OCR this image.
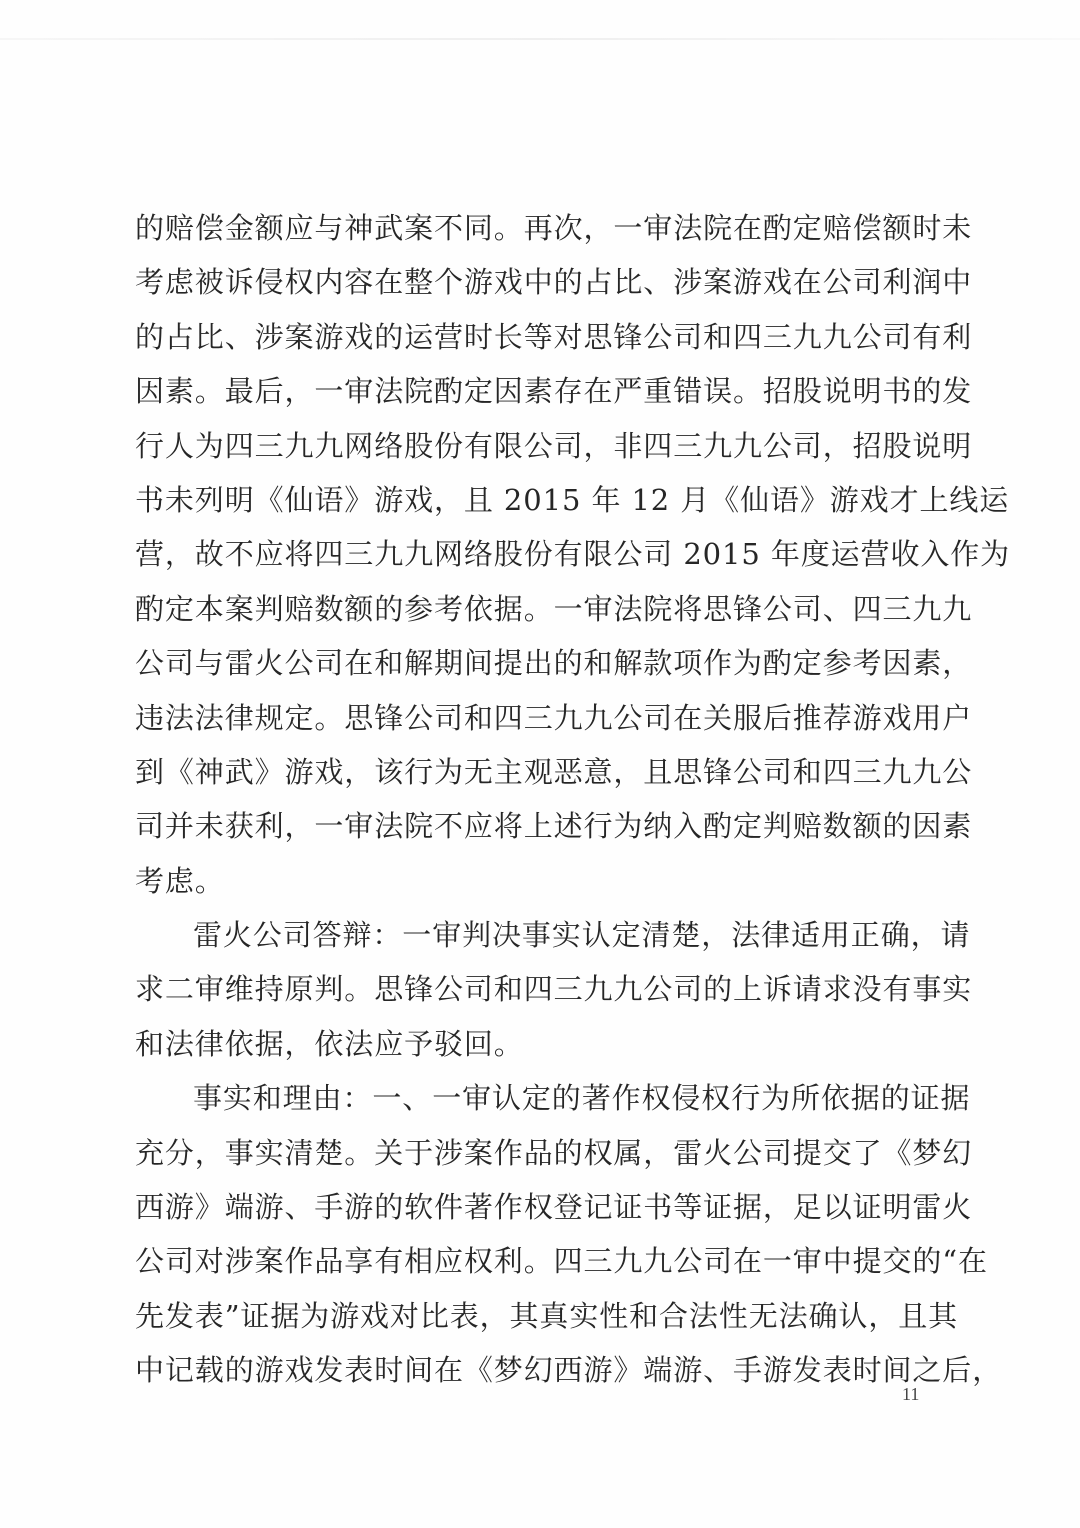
的赔偿金额应与神武案不同。再次，一审法院在酌定赔偿额时未
考虑被诉侵权内容在整个游戏中的占比、涉案游戏在公司利润中
的占比、涉案游戏的运营时长等对思锋公司和四三九九公司有利
因素。最后，一审法院酌定因素存在严重错误。招股说明书的发
行人为四三九九网络股份有限公司，非四三九九公司，招股说明
书未列明《仙语》游戏，且 2015 年 12 月《仙语》游戏才上线运
营，故不应将四三九九网络股份有限公司 2015 年度运营收入作为
酌定本案判赔数额的参考依据。一审法院将思锋公司、四三九九
公司与雷火公司在和解期间提出的和解款项作为酌定参考因素，
违法法律规定。思锋公司和四三九九公司在关服后推荐游戏用户
到《神武》游戏，该行为无主观恶意，且思锋公司和四三九九公
司并未获利，一审法院不应将上述行为纳入酌定判赔数额的因素
考虑。
雷火公司答辩：一审判决事实认定清楚，法律适用正确，请
求二审维持原判。思锋公司和四三九九公司的上诉请求没有事实
和法律依据，依法应予驳回。
事实和理由：一、一审认定的著作权侵权行为所依据的证据
充分，事实清楚。关于涉案作品的权属，雷火公司提交了《梦幻
西游》端游、手游的软件著作权登记证书等证据，足以证明雷火
公司对涉案作品享有相应权利。四三九九公司在一审中提交的“在
先发表”证据为游戏对比表，其真实性和合法性无法确认，且其
中记载的游戏发表时间在《梦幻西游》端游、手游发表时间之后，
11
